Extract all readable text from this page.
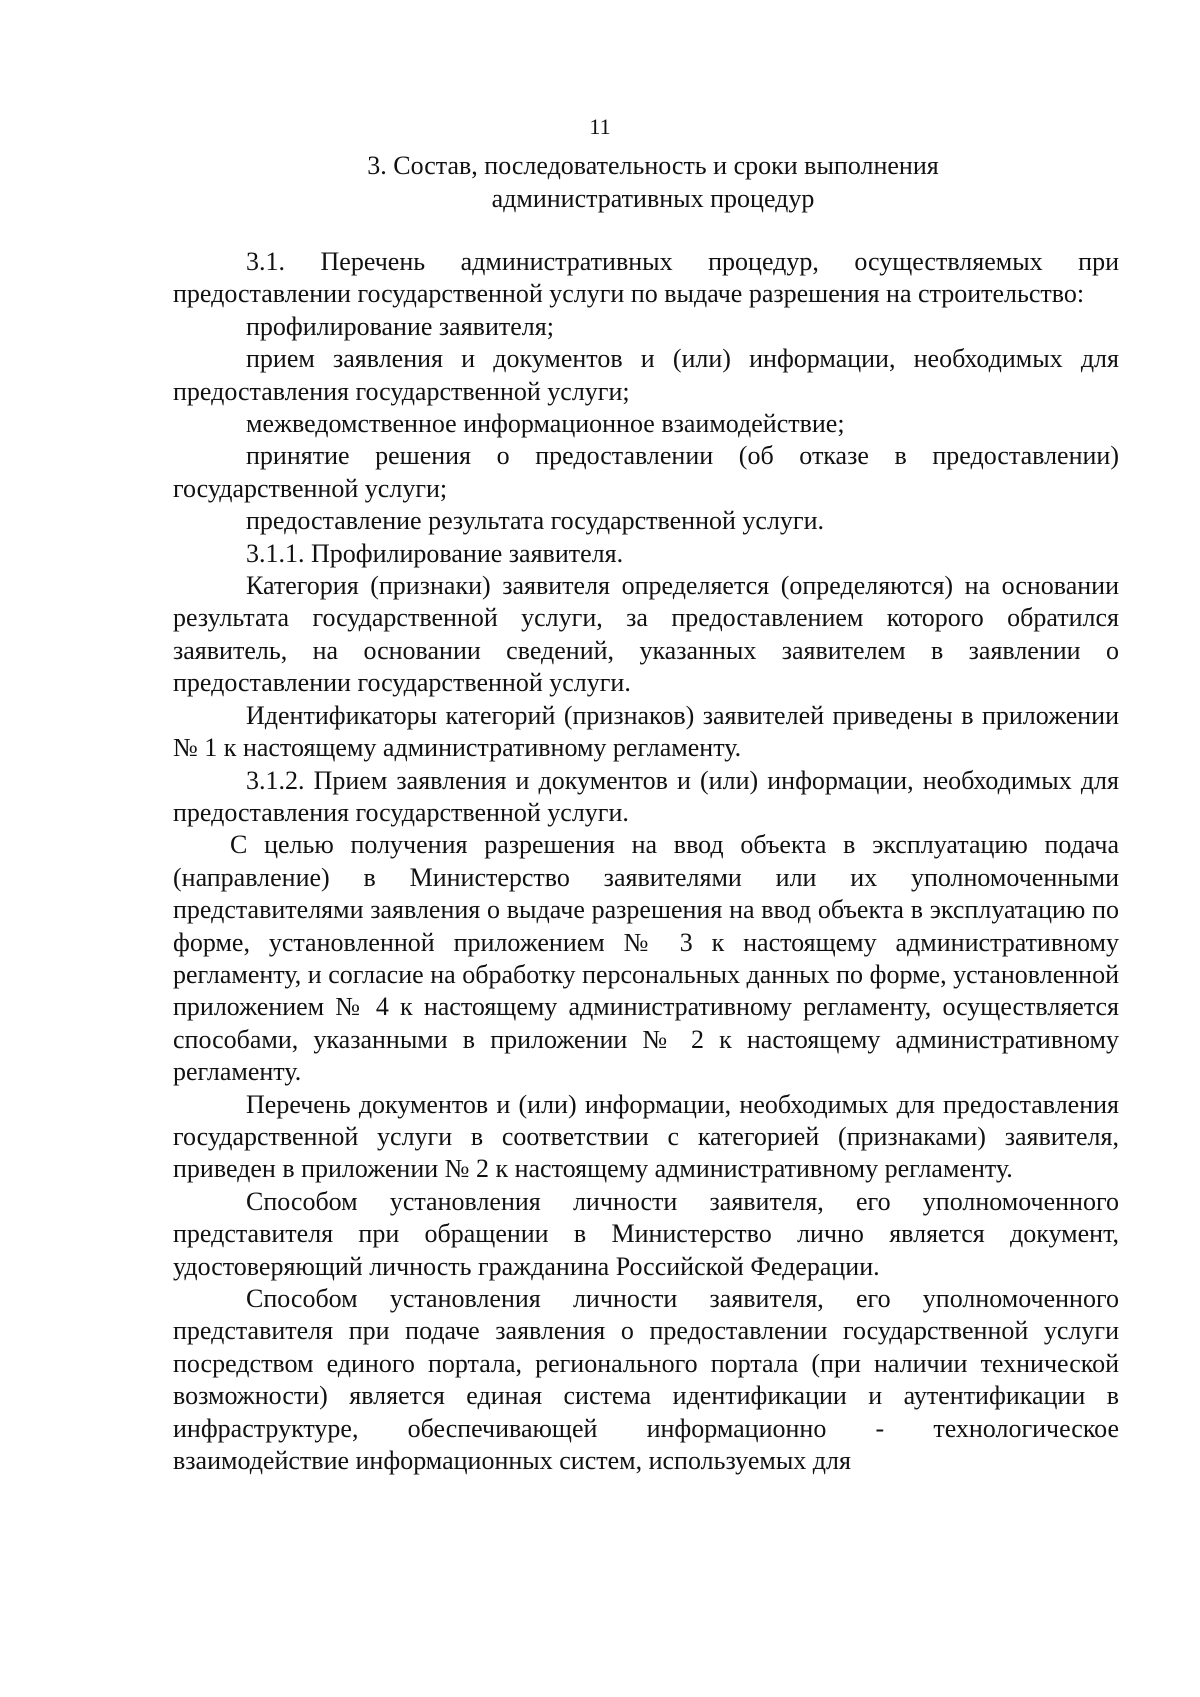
11
3. Состав, последовательность и сроки выполнения
административных процедур

3.1. Перечень административных процедур, осуществляемых при предоставлении государственной услуги по выдаче разрешения на строительство:

профилирование заявителя;

прием заявления и документов и (или) информации, необходимых для предоставления государственной услуги;

межведомственное информационное взаимодействие;

принятие решения о предоставлении (об отказе в предоставлении) государственной услуги;

предоставление результата государственной услуги.

3.1.1. Профилирование заявителя.

Категория (признаки) заявителя определяется (определяются) на основании результата государственной услуги, за предоставлением которого обратился заявитель, на основании сведений, указанных заявителем в заявлении о предоставлении государственной услуги.

Идентификаторы категорий (признаков) заявителей приведены в приложении № 1 к настоящему административному регламенту.

3.1.2. Прием заявления и документов и (или) информации, необходимых для предоставления государственной услуги.

С целью получения разрешения на ввод объекта в эксплуатацию подача (направление) в Министерство заявителями или их уполномоченными представителями заявления о выдаче разрешения на ввод объекта в эксплуатацию по форме, установленной приложением № 3 к настоящему административному регламенту, и согласие на обработку персональных данных по форме, установленной приложением № 4 к настоящему административному регламенту, осуществляется способами, указанными в приложении № 2 к настоящему административному регламенту.

Перечень документов и (или) информации, необходимых для предоставления государственной услуги в соответствии с категорией (признаками) заявителя, приведен в приложении № 2 к настоящему административному регламенту.

Способом установления личности заявителя, его уполномоченного представителя при обращении в Министерство лично является документ, удостоверяющий личность гражданина Российской Федерации.

Способом установления личности заявителя, его уполномоченного представителя при подаче заявления о предоставлении государственной услуги посредством единого портала, регионального портала (при наличии технической возможности) является единая система идентификации и аутентификации в инфраструктуре, обеспечивающей информационно - технологическое взаимодействие информационных систем, используемых для
